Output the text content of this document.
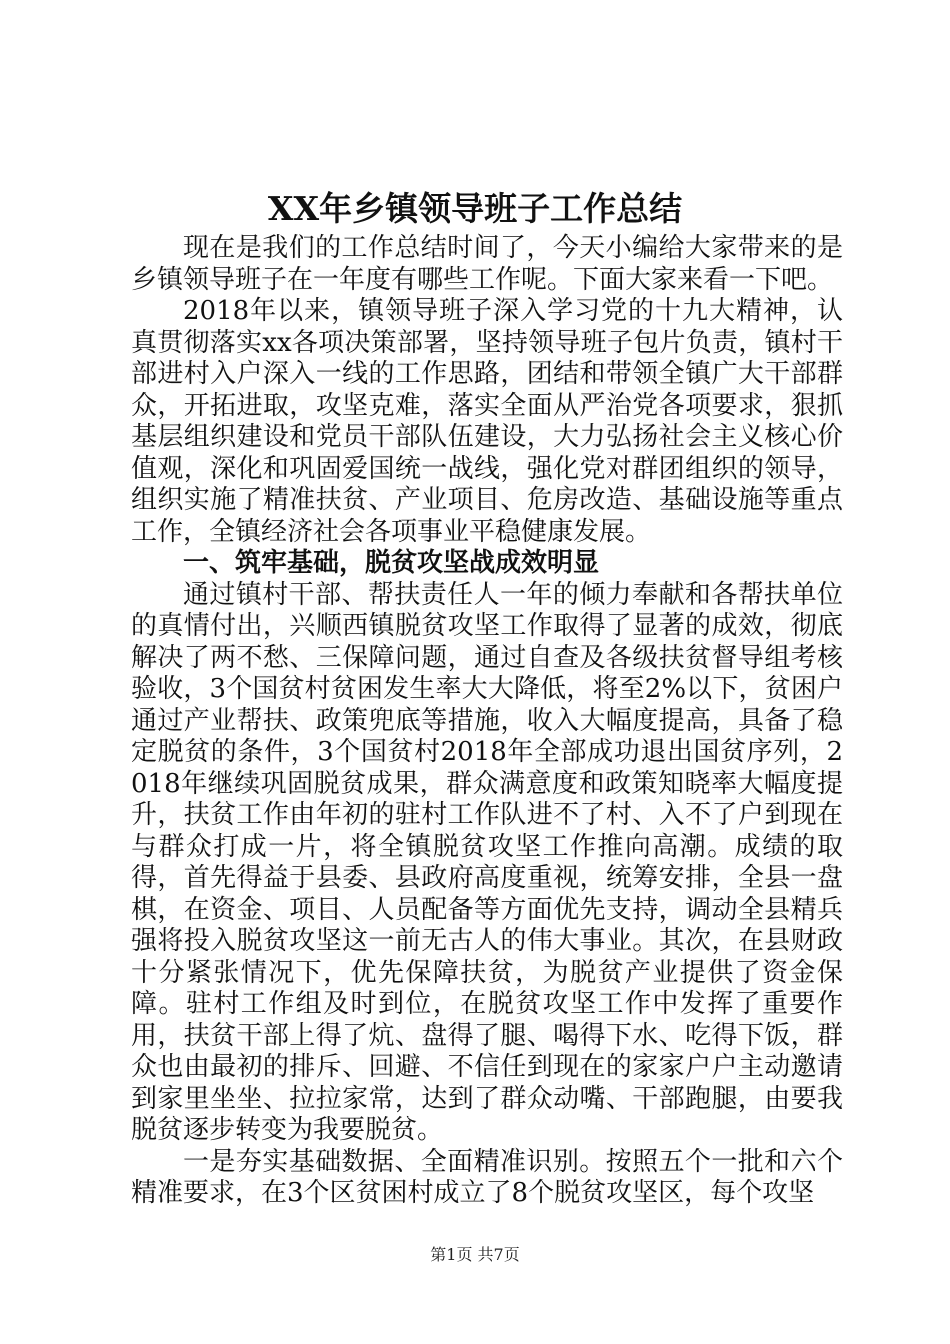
XX年乡镇领导班子工作总结

现在是我们的工作总结时间了，今天小编给大家带来的是乡镇领导班子在一年度有哪些工作呢。下面大家来看一下吧。

2018年以来，镇领导班子深入学习党的十九大精神，认真贯彻落实xx各项决策部署，坚持领导班子包片负责，镇村干部进村入户深入一线的工作思路，团结和带领全镇广大干部群众，开拓进取，攻坚克难，落实全面从严治党各项要求，狠抓基层组织建设和党员干部队伍建设，大力弘扬社会主义核心价值观，深化和巩固爱国统一战线，强化党对群团组织的领导，组织实施了精准扶贫、产业项目、危房改造、基础设施等重点工作，全镇经济社会各项事业平稳健康发展。

一、筑牢基础，脱贫攻坚战成效明显

通过镇村干部、帮扶责任人一年的倾力奉献和各帮扶单位的真情付出，兴顺西镇脱贫攻坚工作取得了显著的成效，彻底解决了两不愁、三保障问题，通过自查及各级扶贫督导组考核验收，3个国贫村贫困发生率大大降低，将至2%以下，贫困户通过产业帮扶、政策兜底等措施，收入大幅度提高，具备了稳定脱贫的条件，3个国贫村2018年全部成功退出国贫序列，2018年继续巩固脱贫成果，群众满意度和政策知晓率大幅度提升，扶贫工作由年初的驻村工作队进不了村、入不了户到现在与群众打成一片，将全镇脱贫攻坚工作推向高潮。成绩的取得，首先得益于县委、县政府高度重视，统筹安排，全县一盘棋，在资金、项目、人员配备等方面优先支持，调动全县精兵强将投入脱贫攻坚这一前无古人的伟大事业。其次，在县财政十分紧张情况下，优先保障扶贫，为脱贫产业提供了资金保障。驻村工作组及时到位，在脱贫攻坚工作中发挥了重要作用，扶贫干部上得了炕、盘得了腿、喝得下水、吃得下饭，群众也由最初的排斥、回避、不信任到现在的家家户户主动邀请到家里坐坐、拉拉家常，达到了群众动嘴、干部跑腿，由要我脱贫逐步转变为我要脱贫。

一是夯实基础数据、全面精准识别。按照五个一批和六个精准要求，在3个区贫困村成立了8个脱贫攻坚区，每个攻坚

第1页 共7页
